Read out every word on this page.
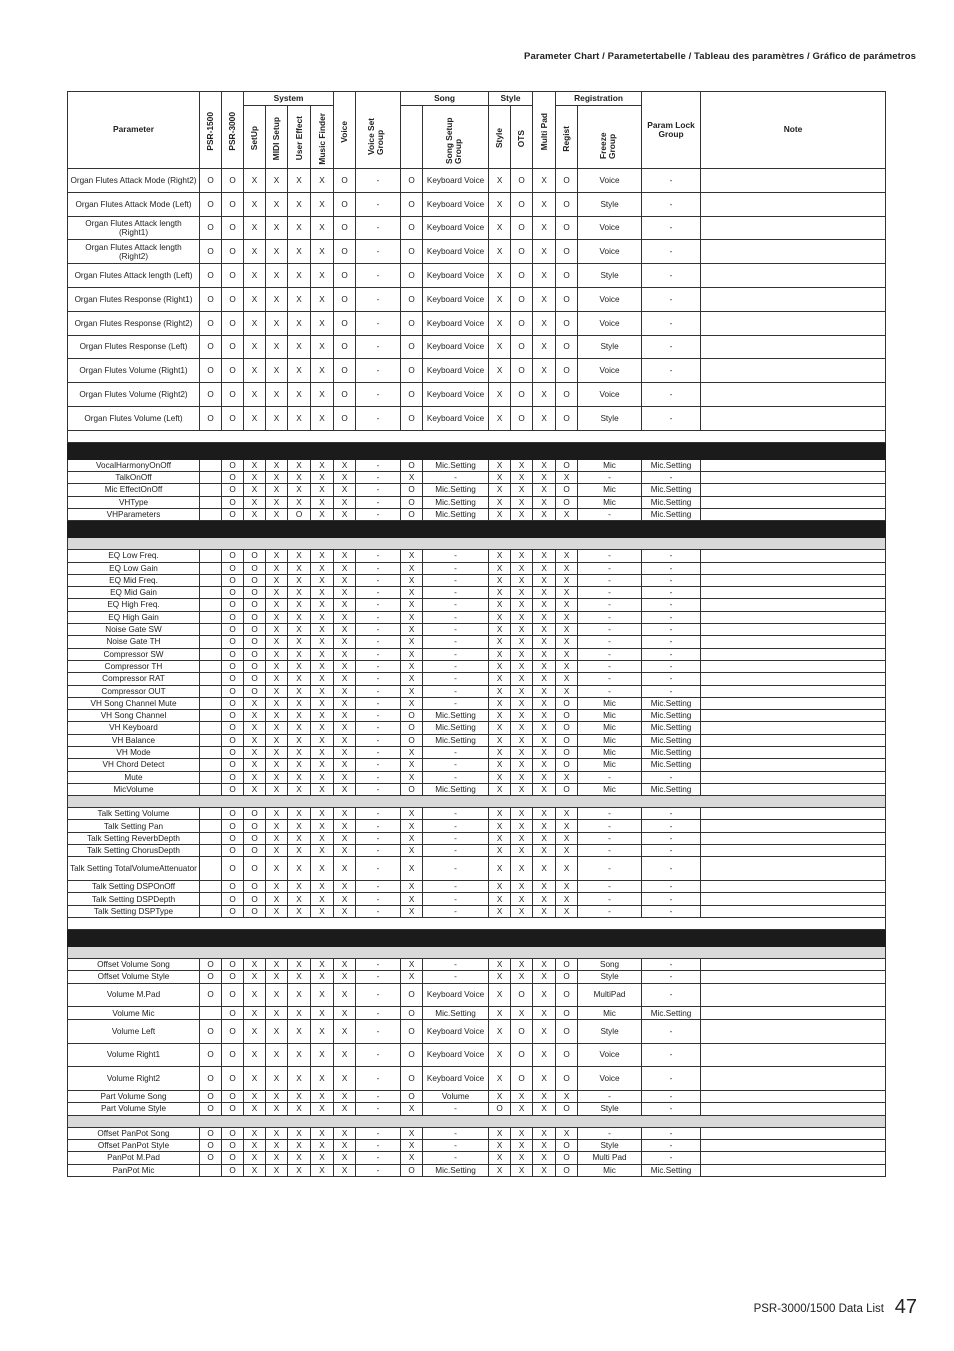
Parameter Chart / Parametertabelle / Tableau des paramètres / Gráfico de parámetros
Parameter	PSR-1500	PSR-3000	System				Voice	Voice Set Group	Song		Style		Multi Pad	Registration		Param Lock Group	Note

			SetUp	MIDI Setup	User Effect	Music Finder				Song Setup Group	Style	OTS		Regist	Freeze Group		

Organ Flutes Attack Mode (Right2)	O	O	X	X	X	X	O	-	O	Keyboard Voice	X	O	X	O	Voice	-	
Organ Flutes Attack Mode (Left)	O	O	X	X	X	X	O	-	O	Keyboard Voice	X	O	X	O	Style	-	
Organ Flutes Attack length (Right1)	O	O	X	X	X	X	O	-	O	Keyboard Voice	X	O	X	O	Voice	-	
Organ Flutes Attack length (Right2)	O	O	X	X	X	X	O	-	O	Keyboard Voice	X	O	X	O	Voice	-	
Organ Flutes Attack length (Left)	O	O	X	X	X	X	O	-	O	Keyboard Voice	X	O	X	O	Style	-	
Organ Flutes Response (Right1)	O	O	X	X	X	X	O	-	O	Keyboard Voice	X	O	X	O	Voice	-	
Organ Flutes Response (Right2)	O	O	X	X	X	X	O	-	O	Keyboard Voice	X	O	X	O	Voice	-	
Organ Flutes Response (Left)	O	O	X	X	X	X	O	-	O	Keyboard Voice	X	O	X	O	Style	-	
Organ Flutes Volume (Right1)	O	O	X	X	X	X	O	-	O	Keyboard Voice	X	O	X	O	Voice	-	
Organ Flutes Volume (Right2)	O	O	X	X	X	X	O	-	O	Keyboard Voice	X	O	X	O	Voice	-	
Organ Flutes Volume (Left)	O	O	X	X	X	X	O	-	O	Keyboard Voice	X	O	X	O	Style	-	

VocalHarmonyOnOff		O	X	X	X	X	X	-	O	Mic.Setting	X	X	X	O	Mic	Mic.Setting	
TalkOnOff		O	X	X	X	X	X	-	X	-	X	X	X	X	-	-	
Mic EffectOnOff		O	X	X	X	X	X	-	O	Mic.Setting	X	X	X	O	Mic	Mic.Setting	
VHType		O	X	X	X	X	X	-	O	Mic.Setting	X	X	X	O	Mic	Mic.Setting	
VHParameters		O	X	X	O	X	X	-	O	Mic.Setting	X	X	X	X	-	Mic.Setting	

EQ Low Freq.		O	O	X	X	X	X	-	X	-	X	X	X	X	-	-	
EQ Low Gain		O	O	X	X	X	X	-	X	-	X	X	X	X	-	-	
EQ Mid Freq.		O	O	X	X	X	X	-	X	-	X	X	X	X	-	-	
EQ Mid Gain		O	O	X	X	X	X	-	X	-	X	X	X	X	-	-	
EQ High Freq.		O	O	X	X	X	X	-	X	-	X	X	X	X	-	-	
EQ High Gain		O	O	X	X	X	X	-	X	-	X	X	X	X	-	-	
Noise Gate SW		O	O	X	X	X	X	-	X	-	X	X	X	X	-	-	
Noise Gate TH		O	O	X	X	X	X	-	X	-	X	X	X	X	-	-	
Compressor SW		O	O	X	X	X	X	-	X	-	X	X	X	X	-	-	
Compressor TH		O	O	X	X	X	X	-	X	-	X	X	X	X	-	-	
Compressor RAT		O	O	X	X	X	X	-	X	-	X	X	X	X	-	-	
Compressor OUT		O	O	X	X	X	X	-	X	-	X	X	X	X	-	-	
VH Song Channel Mute		O	X	X	X	X	X	-	X	-	X	X	X	O	Mic	Mic.Setting	
VH Song Channel		O	X	X	X	X	X	-	O	Mic.Setting	X	X	X	O	Mic	Mic.Setting	
VH Keyboard		O	X	X	X	X	X	-	O	Mic.Setting	X	X	X	O	Mic	Mic.Setting	
VH Balance		O	X	X	X	X	X	-	O	Mic.Setting	X	X	X	O	Mic	Mic.Setting	
VH Mode		O	X	X	X	X	X	-	X	-	X	X	X	O	Mic	Mic.Setting	
VH Chord Detect		O	X	X	X	X	X	-	X	-	X	X	X	O	Mic	Mic.Setting	
Mute		O	X	X	X	X	X	-	X	-	X	X	X	X	-	-	
MicVolume		O	X	X	X	X	X	-	O	Mic.Setting	X	X	X	O	Mic	Mic.Setting	

Talk Setting Volume		O	O	X	X	X	X	-	X	-	X	X	X	X	-	-	
Talk Setting Pan		O	O	X	X	X	X	-	X	-	X	X	X	X	-	-	
Talk Setting ReverbDepth		O	O	X	X	X	X	-	X	-	X	X	X	X	-	-	
Talk Setting ChorusDepth		O	O	X	X	X	X	-	X	-	X	X	X	X	-	-	
Talk Setting TotalVolumeAttenuator		O	O	X	X	X	X	-	X	-	X	X	X	X	-	-	
Talk Setting DSPOnOff		O	O	X	X	X	X	-	X	-	X	X	X	X	-	-	
Talk Setting DSPDepth		O	O	X	X	X	X	-	X	-	X	X	X	X	-	-	
Talk Setting DSPType		O	O	X	X	X	X	-	X	-	X	X	X	X	-	-	

Offset Volume Song	O	O	X	X	X	X	X	-	X	-	X	X	X	O	Song	-	
Offset Volume Style	O	O	X	X	X	X	X	-	X	-	X	X	X	O	Style	-	
Volume M.Pad	O	O	X	X	X	X	X	-	O	Keyboard Voice	X	O	X	O	MultiPad	-	
Volume Mic		O	X	X	X	X	X	-	O	Mic.Setting	X	X	X	O	Mic	Mic.Setting	
Volume Left	O	O	X	X	X	X	X	-	O	Keyboard Voice	X	O	X	O	Style	-	
Volume Right1	O	O	X	X	X	X	X	-	O	Keyboard Voice	X	O	X	O	Voice	-	
Volume Right2	O	O	X	X	X	X	X	-	O	Keyboard Voice	X	O	X	O	Voice	-	
Part Volume Song	O	O	X	X	X	X	X	-	O	Volume	X	X	X	X	-	-	
Part Volume Style	O	O	X	X	X	X	X	-	X	-	O	X	X	O	Style	-	

Offset PanPot Song	O	O	X	X	X	X	X	-	X	-	X	X	X	X	-	-	
Offset PanPot Style	O	O	X	X	X	X	X	-	X	-	X	X	X	O	Style	-	
PanPot M.Pad	O	O	X	X	X	X	X	-	X	-	X	X	X	O	Multi Pad	-	
PanPot Mic		O	X	X	X	X	X	-	O	Mic.Setting	X	X	X	O	Mic	Mic.Setting	
PSR-3000/1500 Data List 47
